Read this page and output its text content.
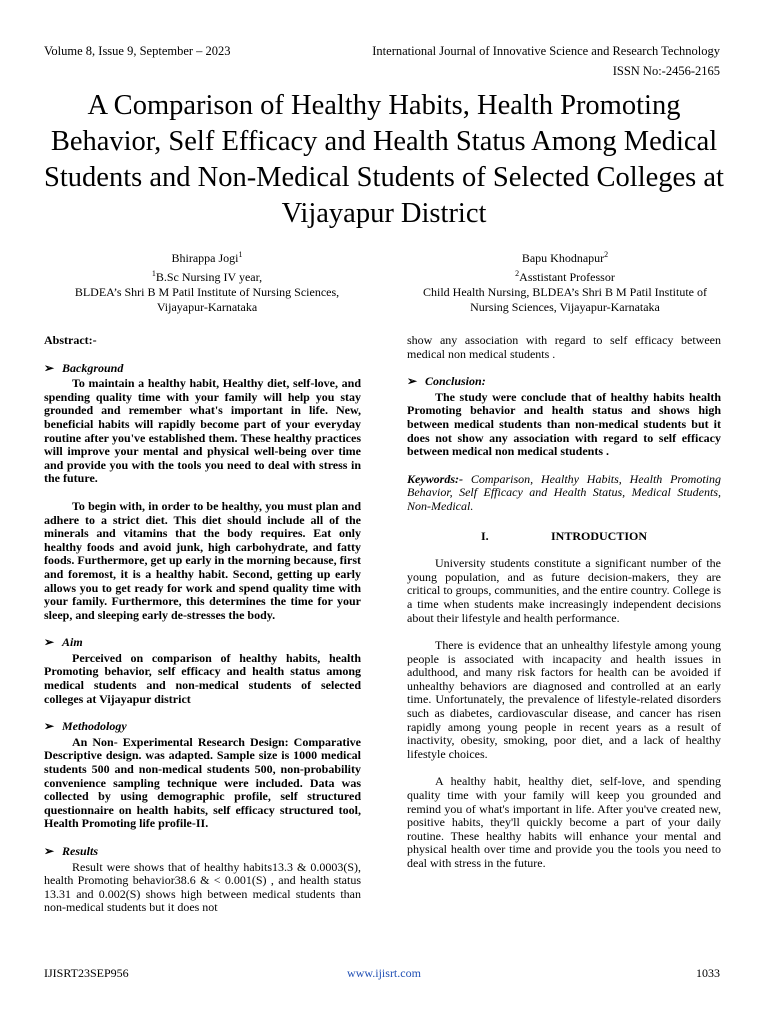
Volume 8, Issue 9, September – 2023	International Journal of Innovative Science and Research Technology
ISSN No:-2456-2165
A Comparison of Healthy Habits, Health Promoting Behavior, Self Efficacy and Health Status Among Medical Students and Non-Medical Students of Selected Colleges at Vijayapur District
Bhirappa Jogi$^1$
$^1$B.Sc Nursing IV year,
BLDEA’s Shri B M Patil Institute of Nursing Sciences,
Vijayapur-Karnataka
Bapu Khodnapur$^2$
$^2$Asstistant Professor
Child Health Nursing, BLDEA’s Shri B M Patil Institute of
Nursing Sciences, Vijayapur-Karnataka

Abstract:-

➢ Background

To maintain a healthy habit, Healthy diet, self-love, and spending quality time with your family will help you stay grounded and remember what's important in life. New, beneficial habits will rapidly become part of your everyday routine after you've established them. These healthy practices will improve your mental and physical well-being over time and provide you with the tools you need to deal with stress in the future.

To begin with, in order to be healthy, you must plan and adhere to a strict diet. This diet should include all of the minerals and vitamins that the body requires. Eat only healthy foods and avoid junk, high carbohydrate, and fatty foods. Furthermore, get up early in the morning because, first and foremost, it is a healthy habit. Second, getting up early allows you to get ready for work and spend quality time with your family. Furthermore, this determines the time for your sleep, and sleeping early de-stresses the body.

➢ Aim

Perceived on comparison of healthy habits, health Promoting behavior, self efficacy and health status among medical students and non-medical students of selected colleges at Vijayapur district

➢ Methodology

An Non- Experimental Research Design: Comparative Descriptive design. was adapted. Sample size is 1000 medical students 500 and non-medical students 500, non-probability convenience sampling technique were included. Data was collected by using demographic profile, self structured questionnaire on health habits, self efficacy structured tool, Health Promoting life profile-II.

➢ Results

Result were shows that of healthy habits13.3 & 0.0003(S), health Promoting behavior38.6 & < 0.001(S) , and health status 13.31 and 0.002(S) shows high between medical students than non-medical students but it does not

show any association with regard to self efficacy between medical non medical students .

➢ Conclusion:

The study were conclude that of healthy habits health Promoting behavior and health status and shows high between medical students than non-medical students but it does not show any association with regard to self efficacy between medical non medical students .

Keywords:- Comparison, Healthy Habits, Health Promoting Behavior, Self Efficacy and Health Status, Medical Students, Non-Medical.

I.	INTRODUCTION

University students constitute a significant number of the young population, and as future decision-makers, they are critical to groups, communities, and the entire country. College is a time when students make increasingly independent decisions about their lifestyle and health performance.

There is evidence that an unhealthy lifestyle among young people is associated with incapacity and health issues in adulthood, and many risk factors for health can be avoided if unhealthy behaviors are diagnosed and controlled at an early time. Unfortunately, the prevalence of lifestyle-related disorders such as diabetes, cardiovascular disease, and cancer has risen rapidly among young people in recent years as a result of inactivity, obesity, smoking, poor diet, and a lack of healthy lifestyle choices.

A healthy habit, healthy diet, self-love, and spending quality time with your family will keep you grounded and remind you of what's important in life. After you've created new, positive habits, they'll quickly become a part of your daily routine. These healthy habits will enhance your mental and physical health over time and provide you the tools you need to deal with stress in the future.

IJISRT23SEP956	www.ijisrt.com	1033
